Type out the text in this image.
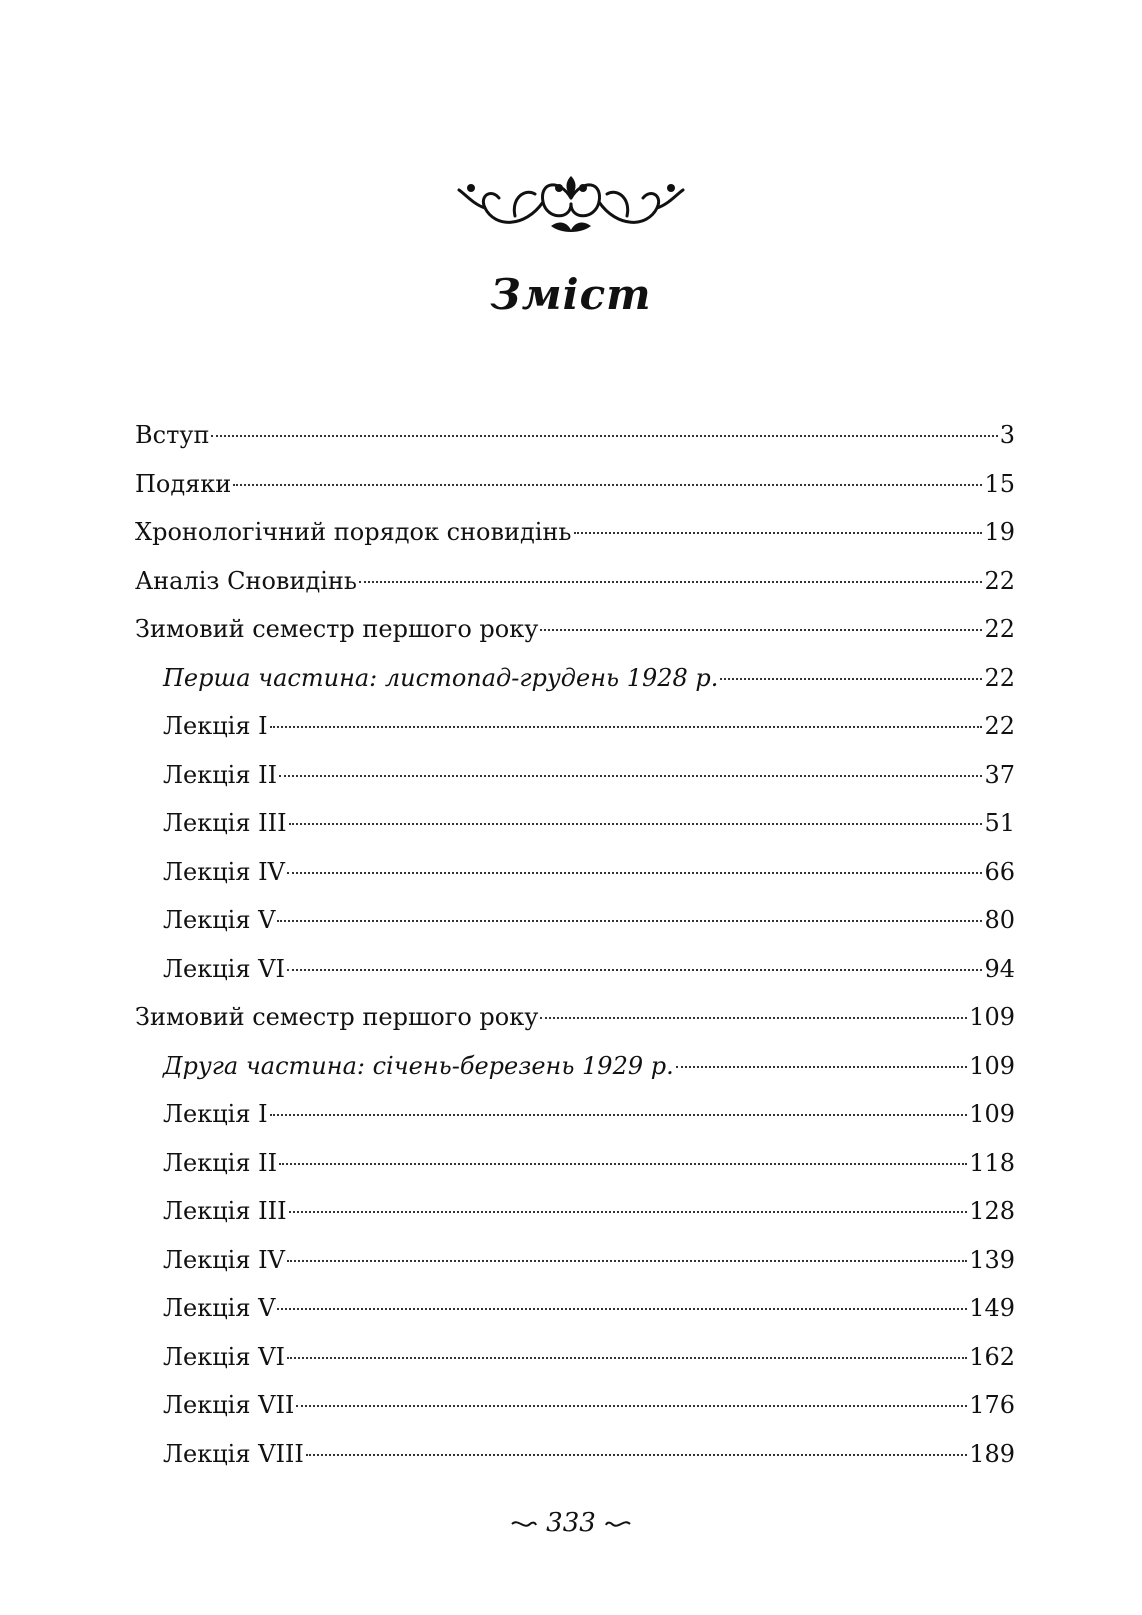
Зміст
Вступ	3
Подяки	15
Хронологічний порядок сновидінь	19
Аналіз Сновидінь	22
Зимовий семестр першого року	22
Перша частина: листопад-грудень 1928 р.	22
Лекція I	22
Лекція II	37
Лекція III	51
Лекція IV	66
Лекція V	80
Лекція VI	94
Зимовий семестр першого року	109
Друга частина: січень-березень 1929 р.	109
Лекція I	109
Лекція II	118
Лекція III	128
Лекція IV	139
Лекція V	149
Лекція VI	162
Лекція VII	176
Лекція VIII	189
333
